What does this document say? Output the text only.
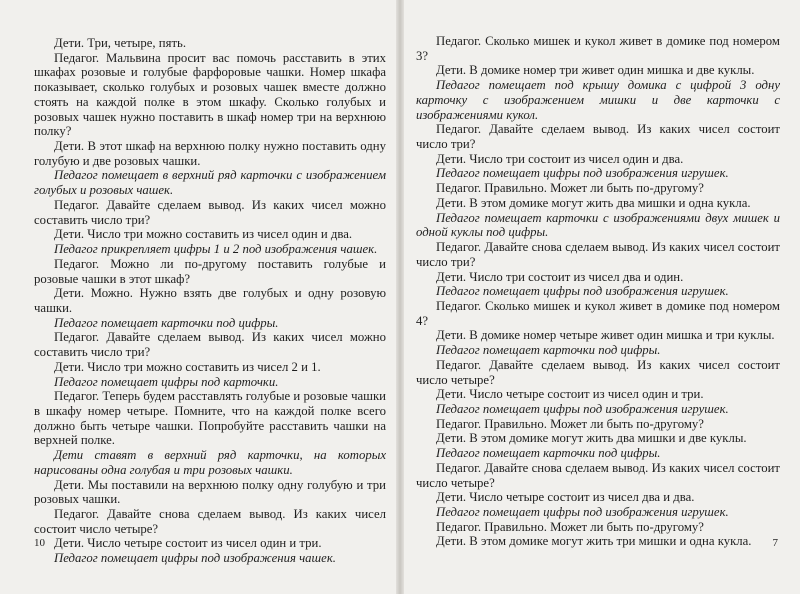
Дети. Три, четыре, пять.

Педагог. Мальвина просит вас помочь расставить в этих шкафах розовые и голубые фарфоровые чашки. Номер шкафа показывает, сколько голубых и розовых чашек вместе должно стоять на каждой полке в этом шкафу. Сколько голубых и розовых чашек нужно поставить в шкаф номер три на верхнюю полку?

Дети. В этот шкаф на верхнюю полку нужно поставить одну голубую и две розовых чашки.

Педагог помещает в верхний ряд карточки с изображением голубых и розовых чашек.

Педагог. Давайте сделаем вывод. Из каких чисел можно составить число три?

Дети. Число три можно составить из чисел один и два.

Педагог прикрепляет цифры 1 и 2 под изображения чашек.

Педагог. Можно ли по-другому поставить голубые и розовые чашки в этот шкаф?

Дети. Можно. Нужно взять две голубых и одну розовую чашки.

Педагог помещает карточки под цифры.

Педагог. Давайте сделаем вывод. Из каких чисел можно составить число три?

Дети. Число три можно составить из чисел 2 и 1.

Педагог помещает цифры под карточки.

Педагог. Теперь будем расставлять голубые и розовые чашки в шкафу номер четыре. Помните, что на каждой полке всего должно быть четыре чашки. Попробуйте расставить чашки на верхней полке.

Дети ставят в верхний ряд карточки, на которых нарисованы одна голубая и три розовых чашки.

Дети. Мы поставили на верхнюю полку одну голубую и три розовых чашки.

Педагог. Давайте снова сделаем вывод. Из каких чисел состоит число четыре?

Дети. Число четыре состоит из чисел один и три.

Педагог помещает цифры под изображения чашек.

10

Педагог. Сколько мишек и кукол живет в домике под номером 3?

Дети. В домике номер три живет один мишка и две куклы.

Педагог помещает под крышу домика с цифрой 3 одну карточку с изображением мишки и две карточки с изображениями кукол.

Педагог. Давайте сделаем вывод. Из каких чисел состоит число три?

Дети. Число три состоит из чисел один и два.

Педагог помещает цифры под изображения игрушек.

Педагог. Правильно. Может ли быть по-другому?

Дети. В этом домике могут жить два мишки и одна кукла.

Педагог помещает карточки с изображениями двух мишек и одной куклы под цифры.

Педагог. Давайте снова сделаем вывод. Из каких чисел состоит число три?

Дети. Число три состоит из чисел два и один.

Педагог помещает цифры под изображения игрушек.

Педагог. Сколько мишек и кукол живет в домике под номером 4?

Дети. В домике номер четыре живет один мишка и три куклы.

Педагог помещает карточки под цифры.

Педагог. Давайте сделаем вывод. Из каких чисел состоит число четыре?

Дети. Число четыре состоит из чисел один и три.

Педагог помещает цифры под изображения игрушек.

Педагог. Правильно. Может ли быть по-другому?

Дети. В этом домике могут жить два мишки и две куклы.

Педагог помещает карточки под цифры.

Педагог. Давайте снова сделаем вывод. Из каких чисел состоит число четыре?

Дети. Число четыре состоит из чисел два и два.

Педагог помещает цифры под изображения игрушек.

Педагог. Правильно. Может ли быть по-другому?

Дети. В этом домике могут жить три мишки и одна кукла.	7
